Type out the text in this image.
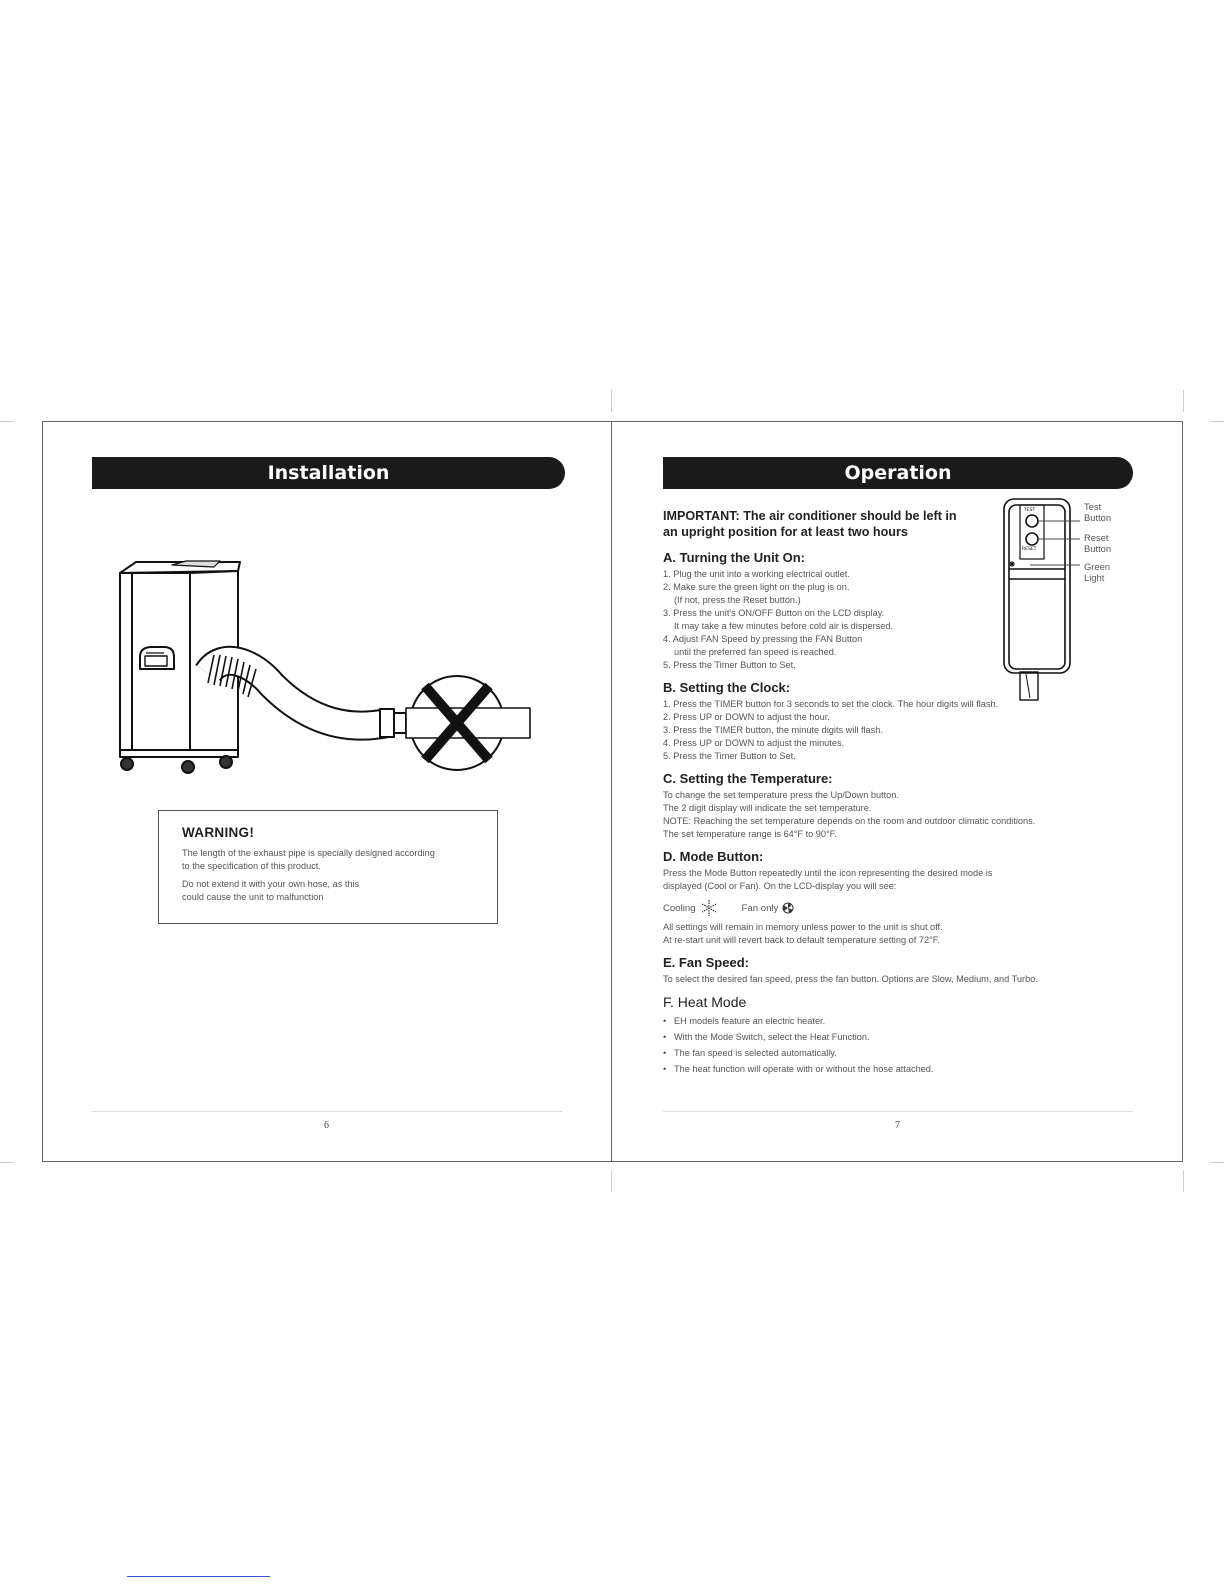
Installation
WARNING!

The length of the exhaust pipe is specially designed according
to the specification of this product.

Do not extend it with your own hose, as this
could cause the unit to malfunction

6
Operation
TEST
RESET
Test
Button
Reset
Button
Green
Light
IMPORTANT: The air conditioner should be left in
an upright position for at least two hours
A. Turning the Unit On:
1. Plug the unit into a working electrical outlet.
2. Make sure the green light on the plug is on.
(If not, press the Reset button.)
3. Press the unit's ON/OFF Button on the LCD display.
It may take a few minutes before cold air is dispersed.
4. Adjust FAN Speed by pressing the FAN Button
until the preferred fan speed is reached.
5. Press the Timer Button to Set.
B. Setting the Clock:
1. Press the TIMER button for 3 seconds to set the clock. The hour digits will flash.
2. Press UP or DOWN to adjust the hour.
3. Press the TIMER button, the minute digits will flash.
4. Press UP or DOWN to adjust the minutes.
5. Press the Timer Button to Set.
C. Setting the Temperature:
To change the set temperature press the Up/Down button.
The 2 digit display will indicate the set temperature.
NOTE: Reaching the set temperature depends on the room and outdoor climatic conditions.
The set temperature range is 64°F to 90°F.
D. Mode Button:
Press the Mode Button repeatedly until the icon representing the desired mode is
displayed (Cool or Fan). On the LCD-display you will see:
Cooling	Fan only
All settings will remain in memory unless power to the unit is shut off.
At re-start unit will revert back to default temperature setting of 72°F.
E. Fan Speed:
To select the desired fan speed, press the fan button. Options are Slow, Medium, and Turbo.
F. Heat Mode
• EH models feature an electric heater.
• With the Mode Switch, select the Heat Function.
• The fan speed is selected automatically.
• The heat function will operate with or without the hose attached.
7
